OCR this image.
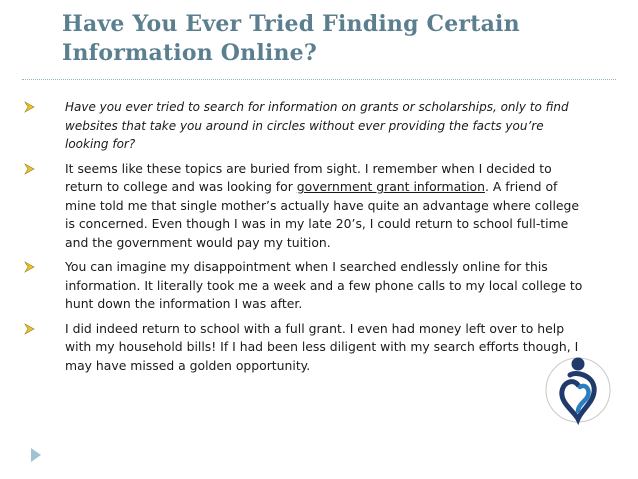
Have You Ever Tried Finding Certain
Information Online?
Have you ever tried to search for information on grants or scholarships, only to find websites that take you around in circles without ever providing the facts you’re looking for?
It seems like these topics are buried from sight. I remember when I decided to return to college and was looking for government grant information. A friend of mine told me that single mother’s actually have quite an advantage where college is concerned. Even though I was in my late 20’s, I could return to school full-time and the government would pay my tuition.
You can imagine my disappointment when I searched endlessly online for this information. It literally took me a week and a few phone calls to my local college to hunt down the information I was after.
I did indeed return to school with a full grant. I even had money left over to help with my household bills! If I had been less diligent with my search efforts though, I may have missed a golden opportunity.
